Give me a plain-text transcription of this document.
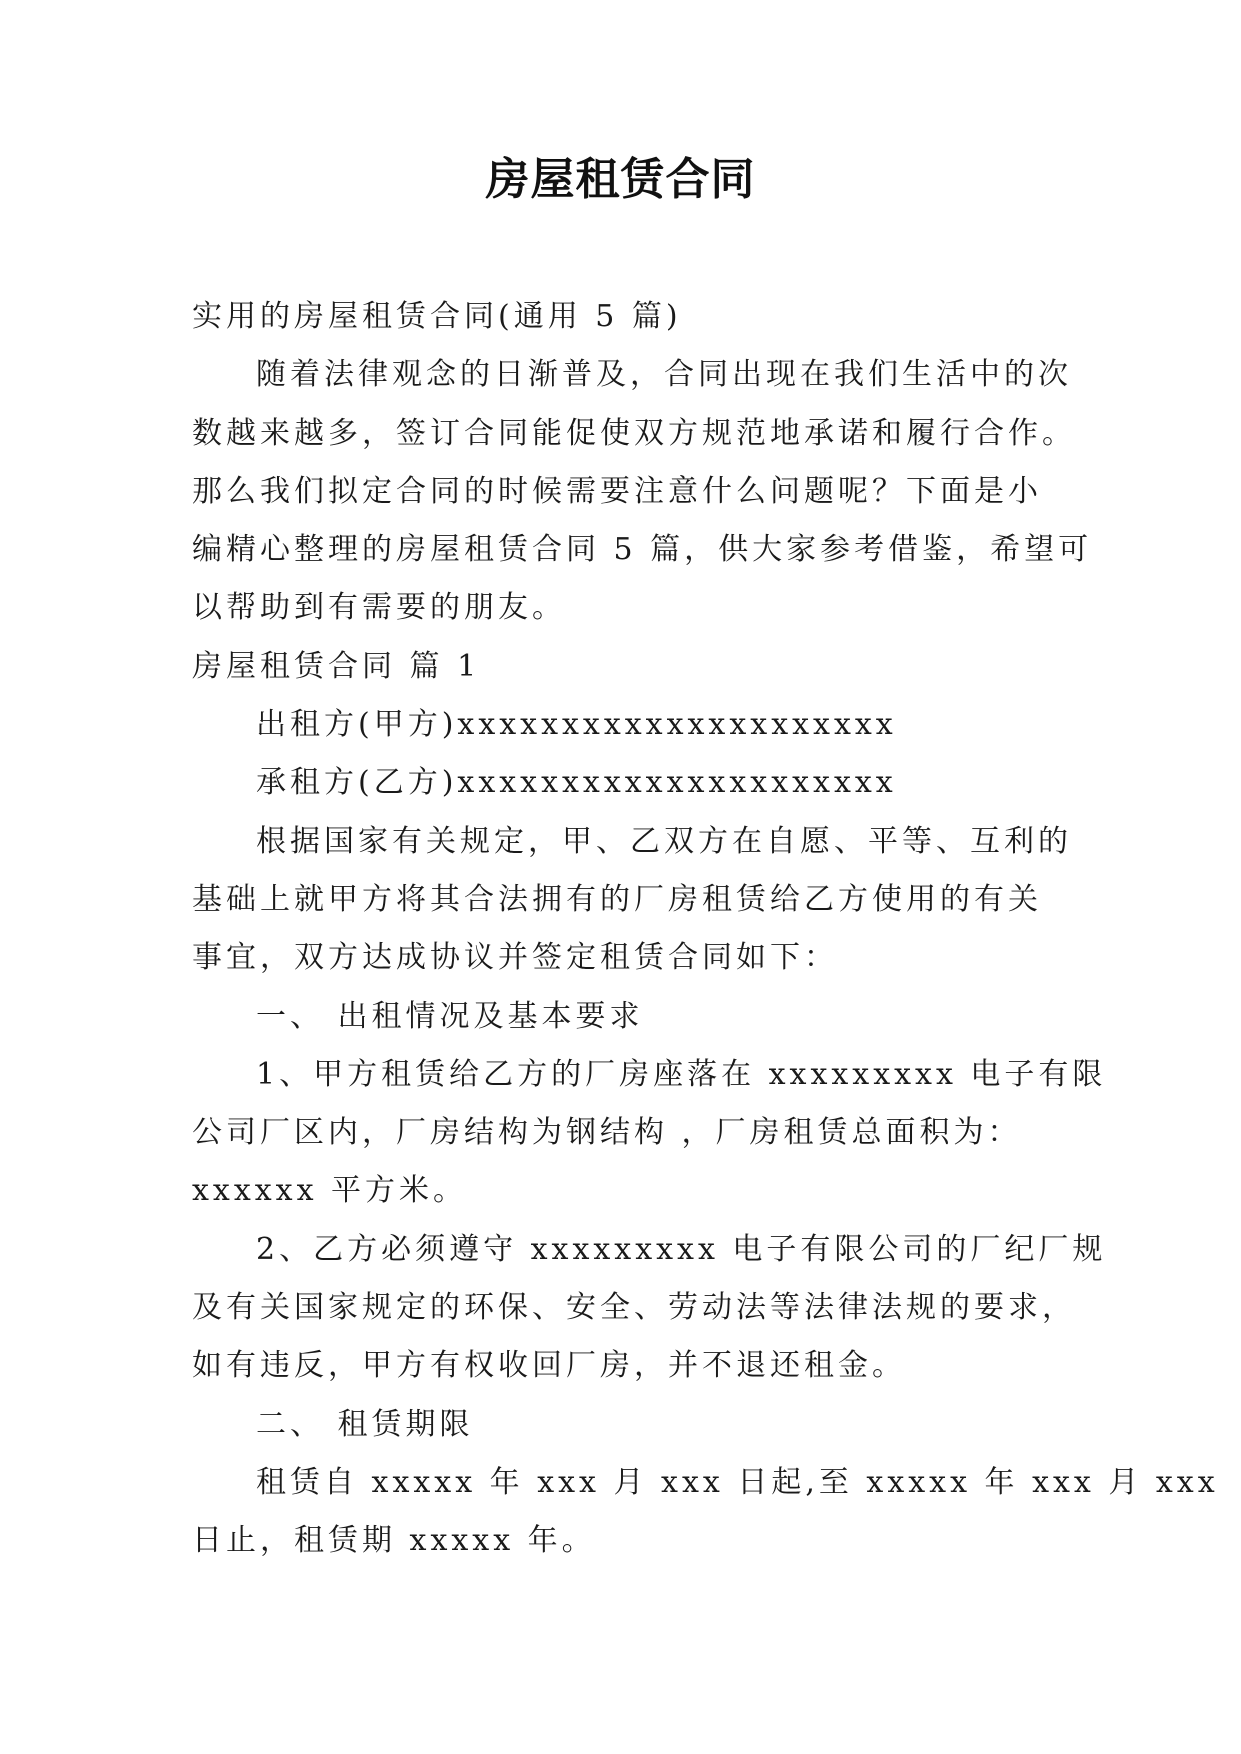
房屋租赁合同

实用的房屋租赁合同(通用 5 篇)

随着法律观念的日渐普及，合同出现在我们生活中的次

数越来越多，签订合同能促使双方规范地承诺和履行合作。

那么我们拟定合同的时候需要注意什么问题呢？下面是小

编精心整理的房屋租赁合同 5 篇，供大家参考借鉴，希望可

以帮助到有需要的朋友。

房屋租赁合同 篇 1

出租方(甲方)xxxxxxxxxxxxxxxxxxxxx

承租方(乙方)xxxxxxxxxxxxxxxxxxxxx

根据国家有关规定，甲、乙双方在自愿、平等、互利的

基础上就甲方将其合法拥有的厂房租赁给乙方使用的有关

事宜，双方达成协议并签定租赁合同如下：

一、 出租情况及基本要求

1、甲方租赁给乙方的厂房座落在 xxxxxxxxx 电子有限

公司厂区内，厂房结构为钢结构 ，厂房租赁总面积为：

xxxxxx 平方米。

2、乙方必须遵守 xxxxxxxxx 电子有限公司的厂纪厂规

及有关国家规定的环保、安全、劳动法等法律法规的要求，

如有违反，甲方有权收回厂房，并不退还租金。

二、 租赁期限

租赁自 xxxxx 年 xxx 月 xxx 日起,至 xxxxx 年 xxx 月 xxx

日止，租赁期 xxxxx 年。
